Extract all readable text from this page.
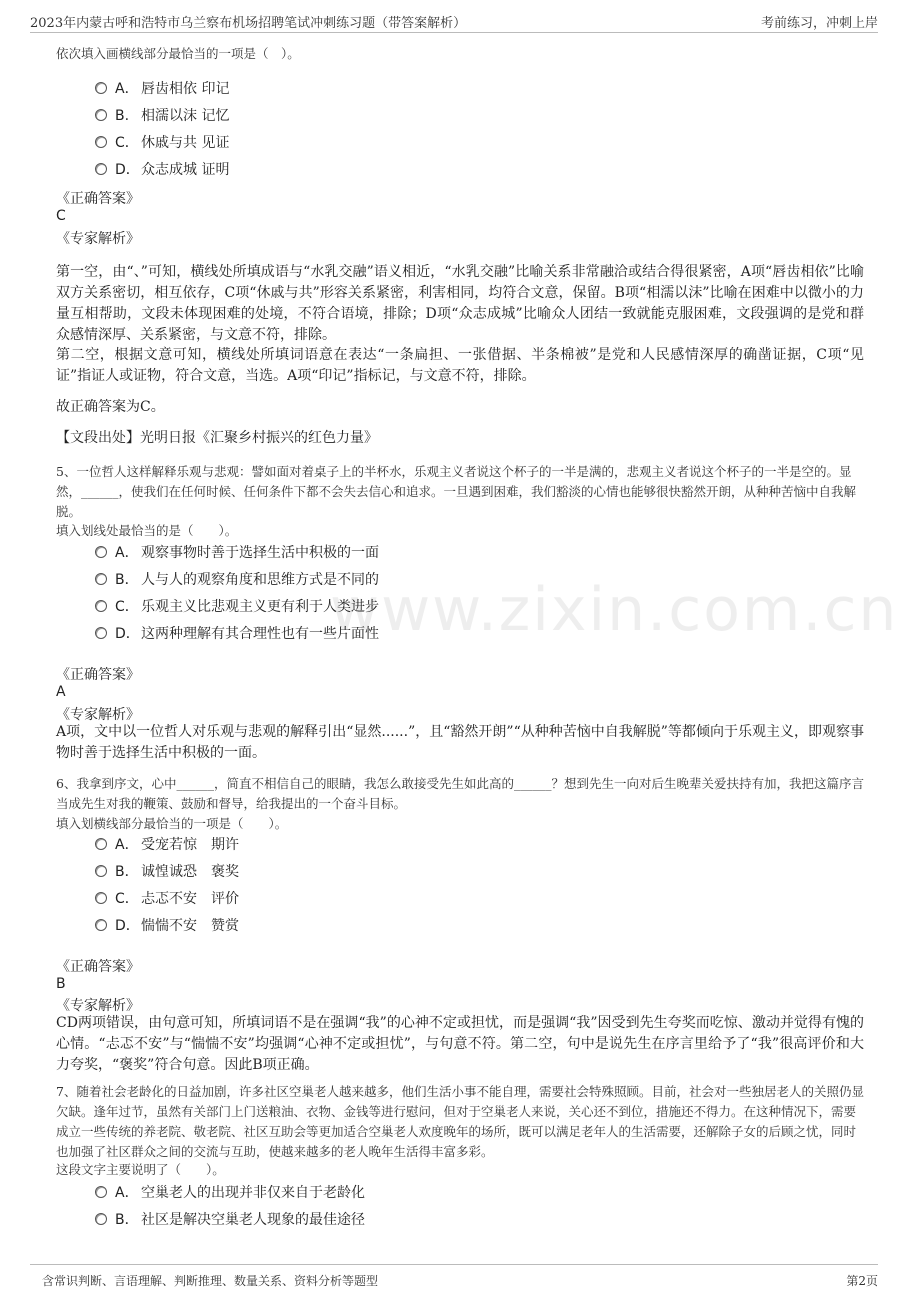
2023年内蒙古呼和浩特市乌兰察布机场招聘笔试冲刺练习题（带答案解析）	考前练习，冲刺上岸
www.zixin.com.cn
依次填入画横线部分最恰当的一项是（　）。
A． 唇齿相依 印记
B. 相濡以沫 记忆
C． 休戚与共 见证
D．众志成城 证明
《正确答案》
C
《专家解析》
第一空，由“、”可知，横线处所填成语与“水乳交融”语义相近，“水乳交融”比喻关系非常融洽或结合得很紧密，A项“唇齿相依”比喻双方关系密切，相互依存，C项“休戚与共”形容关系紧密，利害相同，均符合文意，保留。B项“相濡以沫”比喻在困难中以微小的力量互相帮助，文段未体现困难的处境，不符合语境，排除；D项“众志成城”比喻众人团结一致就能克服困难，文段强调的是党和群众感情深厚、关系紧密，与文意不符，排除。
第二空，根据文意可知，横线处所填词语意在表达“一条扁担、一张借据、半条棉被”是党和人民感情深厚的确凿证据，C项“见证”指证人或证物，符合文意，当选。A项“印记”指标记，与文意不符，排除。
故正确答案为C。
【文段出处】光明日报《汇聚乡村振兴的红色力量》
5、一位哲人这样解释乐观与悲观：譬如面对着桌子上的半杯水，乐观主义者说这个杯子的一半是满的，悲观主义者说这个杯子的一半是空的。显然，______，使我们在任何时候、任何条件下都不会失去信心和追求。一旦遇到困难，我们豁淡的心情也能够很快豁然开朗，从种种苦恼中自我解脱。
填入划线处最恰当的是（　　）。
A． 观察事物时善于选择生活中积极的一面
B． 人与人的观察角度和思维方式是不同的
C． 乐观主义比悲观主义更有利于人类进步
D．这两种理解有其合理性也有一些片面性
《正确答案》
A
《专家解析》
A项，文中以一位哲人对乐观与悲观的解释引出“显然......”，且“豁然开朗”“从种种苦恼中自我解脱”等都倾向于乐观主义，即观察事物时善于选择生活中积极的一面。
6、我拿到序文，心中______，简直不相信自己的眼睛，我怎么敢接受先生如此高的______？想到先生一向对后生晚辈关爱扶持有加，我把这篇序言当成先生对我的鞭策、鼓励和督导，给我提出的一个奋斗目标。
填入划横线部分最恰当的一项是（　　）。
A． 受宠若惊　期许
B． 诚惶诚恐　褒奖
C． 忐忑不安　评价
D．惴惴不安　赞赏
《正确答案》
B
《专家解析》
CD两项错误，由句意可知，所填词语不是在强调“我”的心神不定或担忧，而是强调“我”因受到先生夸奖而吃惊、激动并觉得有愧的心情。“忐忑不安”与“惴惴不安”均强调“心神不定或担忧”，与句意不符。第二空，句中是说先生在序言里给予了“我”很高评价和大力夸奖，“褒奖”符合句意。因此B项正确。
7、随着社会老龄化的日益加剧，许多社区空巢老人越来越多，他们生活小事不能自理，需要社会特殊照顾。目前，社会对一些独居老人的关照仍显欠缺。逢年过节，虽然有关部门上门送粮油、衣物、金钱等进行慰问，但对于空巢老人来说，关心还不到位，措施还不得力。在这种情况下，需要成立一些传统的养老院、敬老院、社区互助会等更加适合空巢老人欢度晚年的场所，既可以满足老年人的生活需要，还解除子女的后顾之忧，同时也加强了社区群众之间的交流与互助，使越来越多的老人晚年生活得丰富多彩。
这段文字主要说明了（　　）。
A． 空巢老人的出现并非仅来自于老龄化
B． 社区是解决空巢老人现象的最佳途径
含常识判断、言语理解、判断推理、数量关系、资料分析等题型	第2页
